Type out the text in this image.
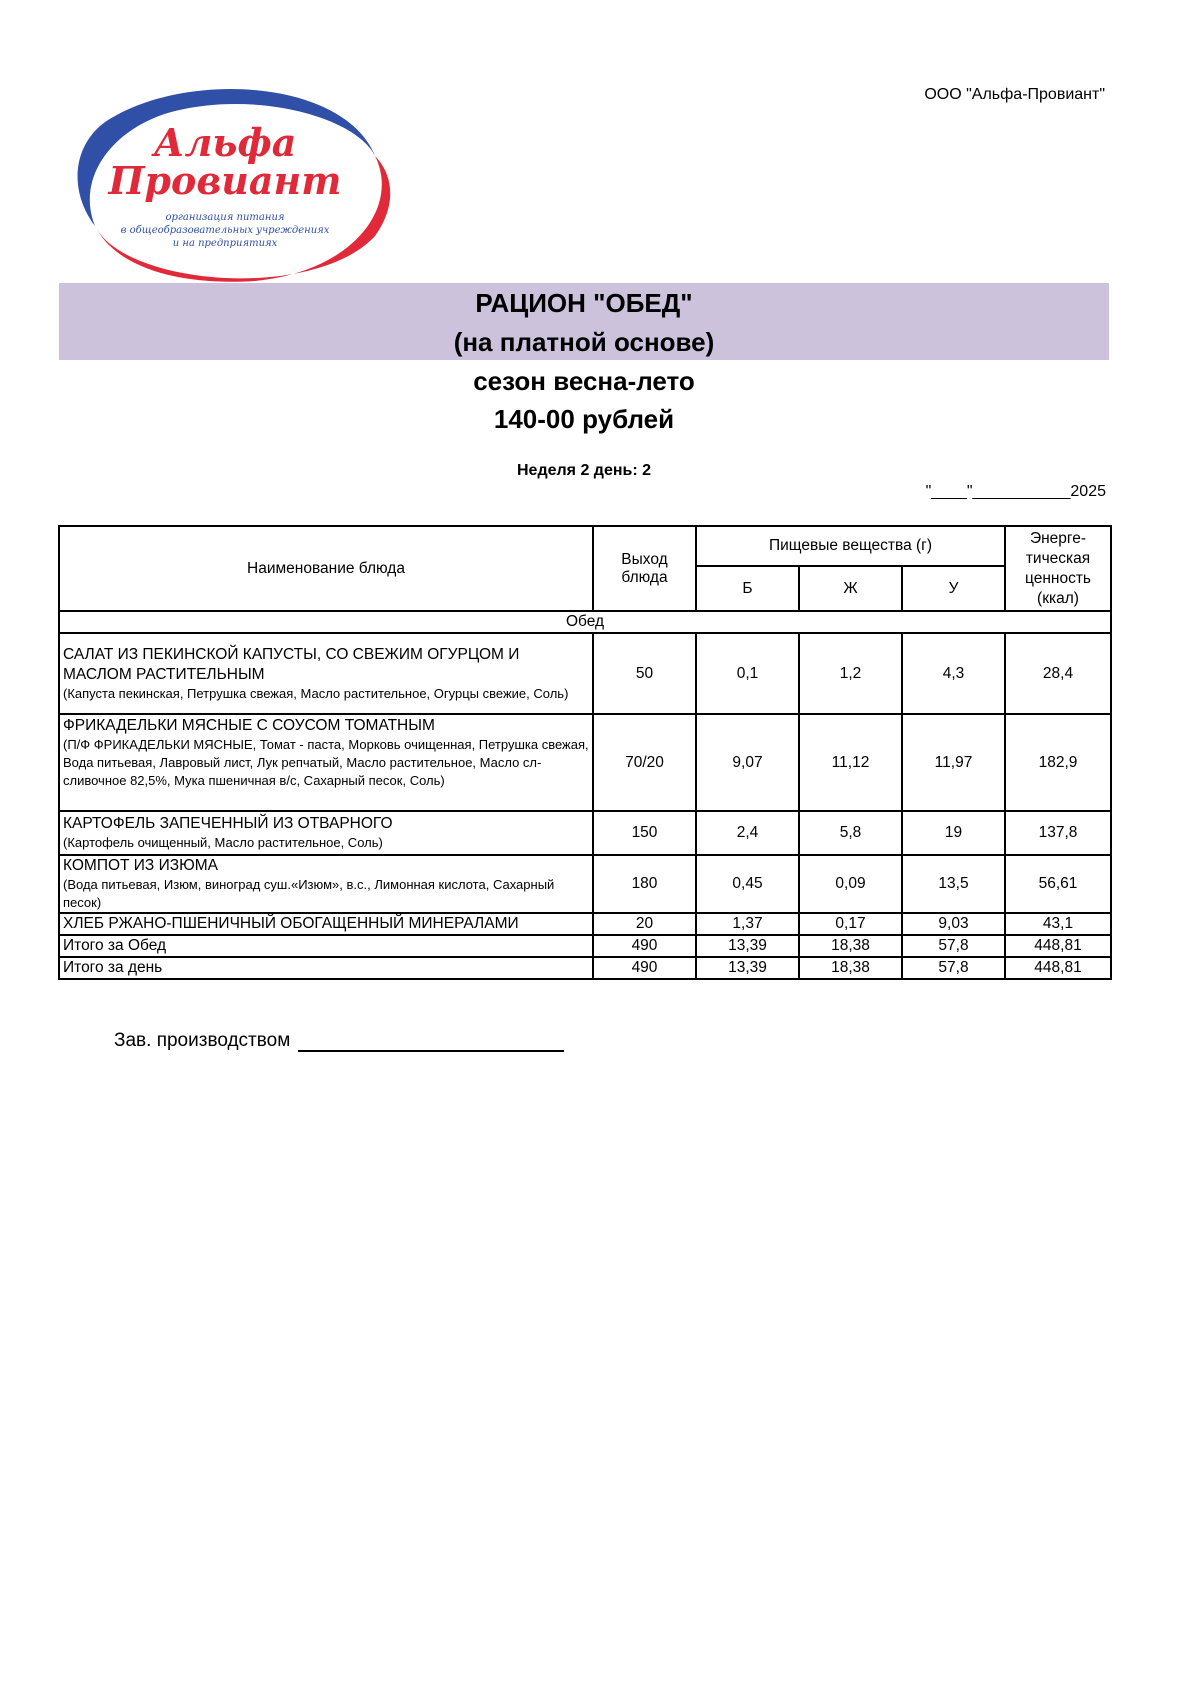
ООО "Альфа-Провиант"
Альфа
Провиант
организация питания
в общеобразовательных учреждениях
и на предприятиях
РАЦИОН "ОБЕД"
(на платной основе)
сезон весна-лето
140-00 рублей
Неделя 2 день: 2
"____"___________2025
Наименование блюда	Выход блюда	Пищевые вещества (г)			Энерге-тическая ценность (ккал)
		Б	Ж	У	
Обед					

САЛАТ ИЗ ПЕКИНСКОЙ КАПУСТЫ, СО СВЕЖИМ ОГУРЦОМ И МАСЛОМ РАСТИТЕЛЬНЫМ
(Капуста пекинская, Петрушка свежая, Масло растительное, Огурцы свежие, Соль)	50	0,1	1,2	4,3	28,4

ФРИКАДЕЛЬКИ МЯСНЫЕ С СОУСОМ ТОМАТНЫМ
(П/Ф ФРИКАДЕЛЬКИ МЯСНЫЕ, Томат - паста, Морковь очищенная, Петрушка свежая, Вода питьевая, Лавровый лист, Лук репчатый, Масло растительное, Масло сл-сливочное 82,5%, Мука пшеничная в/с, Сахарный песок, Соль)	70/20	9,07	11,12	11,97	182,9

КАРТОФЕЛЬ ЗАПЕЧЕННЫЙ ИЗ ОТВАРНОГО
(Картофель очищенный, Масло растительное, Соль)	150	2,4	5,8	19	137,8

КОМПОТ ИЗ ИЗЮМА
(Вода питьевая, Изюм, виноград суш.«Изюм», в.с., Лимонная кислота, Сахарный песок)	180	0,45	0,09	13,5	56,61

ХЛЕБ РЖАНО-ПШЕНИЧНЫЙ ОБОГАЩЕННЫЙ МИНЕРАЛАМИ	20	1,37	0,17	9,03	43,1
Итого за Обед	490	13,39	18,38	57,8	448,81
Итого за день	490	13,39	18,38	57,8	448,81
Зав. производством
